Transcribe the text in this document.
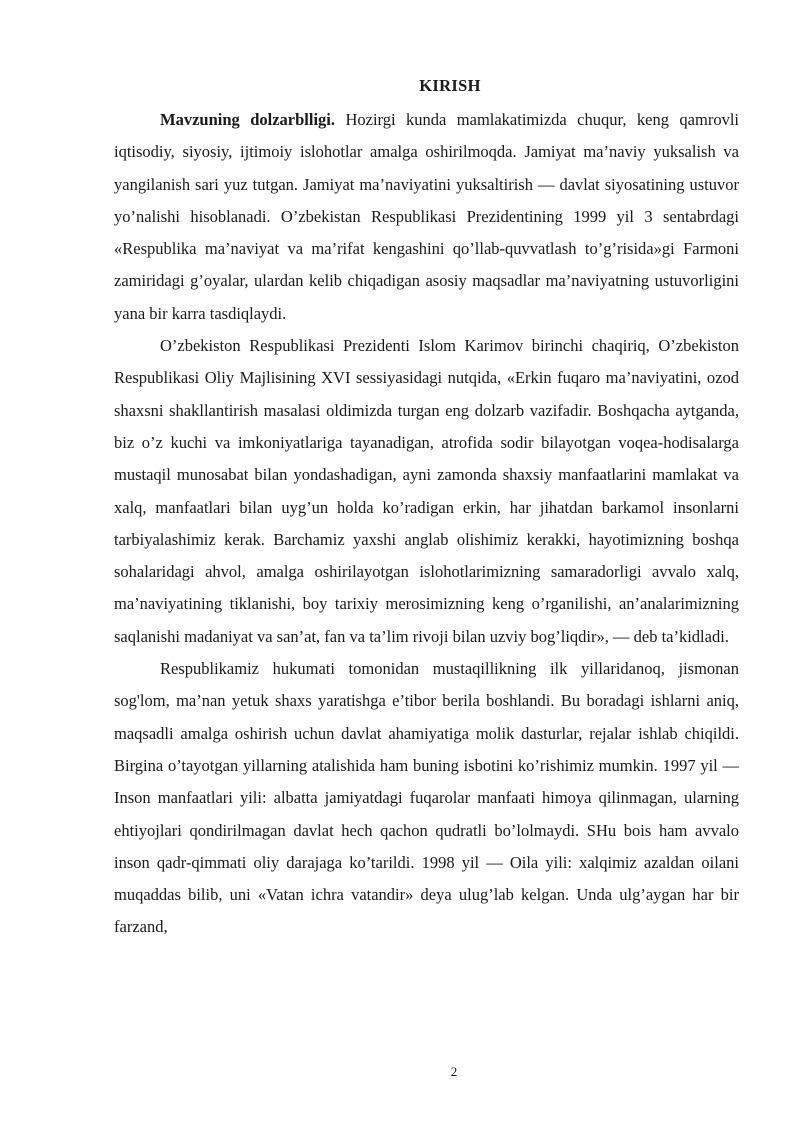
KIRISH

Mavzuning dolzarblligi. Hozirgi kunda mamlakatimizda chuqur, keng qamrovli iqtisodiy, siyosiy, ijtimoiy islohotlar amalga oshirilmoqda. Jamiyat ma’naviy yuksalish va yangilanish sari yuz tutgan. Jamiyat ma’naviyatini yuksaltirish — davlat siyosatining ustuvor yo’nalishi hisoblanadi. O’zbekistan Respublikasi Prezidentining 1999 yil 3 sentabrdagi «Respublika ma’naviyat va ma’rifat kengashini qo’llab-quvvatlash to’g’risida»gi Farmoni zamiridagi g’oyalar, ulardan kelib chiqadigan asosiy maqsadlar ma’naviyatning ustuvorligini yana bir karra tasdiqlaydi.

O’zbekiston Respublikasi Prezidenti Islom Karimov birinchi chaqiriq, O’zbekiston Respublikasi Oliy Majlisining XVI sessiyasidagi nutqida, «Erkin fuqaro ma’naviyatini, ozod shaxsni shakllantirish masalasi oldimizda turgan eng dolzarb vazifadir. Boshqacha aytganda, biz o’z kuchi va imkoniyatlariga tayanadigan, atrofida sodir bilayotgan voqea-hodisalarga mustaqil munosabat bilan yondashadigan, ayni zamonda shaxsiy manfaatlarini mamlakat va xalq, manfaatlari bilan uyg’un holda ko’radigan erkin, har jihatdan barkamol insonlarni tarbiyalashimiz kerak. Barchamiz yaxshi anglab olishimiz kerakki, hayotimizning boshqa sohalaridagi ahvol, amalga oshirilayotgan islohotlarimizning samaradorligi avvalo xalq, ma’naviyatining tiklanishi, boy tarixiy merosimizning keng o’rganilishi, an’analarimizning saqlanishi madaniyat va san’at, fan va ta’lim rivoji bilan uzviy bog’liqdir», — deb ta’kidladi.

Respublikamiz hukumati tomonidan mustaqillikning ilk yillaridanoq, jismonan sog'lom, ma’nan yetuk shaxs yaratishga e’tibor berila boshlandi. Bu boradagi ishlarni aniq, maqsadli amalga oshirish uchun davlat ahamiyatiga molik dasturlar, rejalar ishlab chiqildi. Birgina o’tayotgan yillarning atalishida ham buning isbotini ko’rishimiz mumkin. 1997 yil — Inson manfaatlari yili: albatta jamiyatdagi fuqarolar manfaati himoya qilinmagan, ularning ehtiyojlari qondirilmagan davlat hech qachon qudratli bo’lolmaydi. SHu bois ham avvalo inson qadr-qimmati oliy darajaga ko’tarildi. 1998 yil — Oila yili: xalqimiz azaldan oilani muqaddas bilib, uni «Vatan ichra vatandir» deya ulug’lab kelgan. Unda ulg’aygan har bir farzand,

2
